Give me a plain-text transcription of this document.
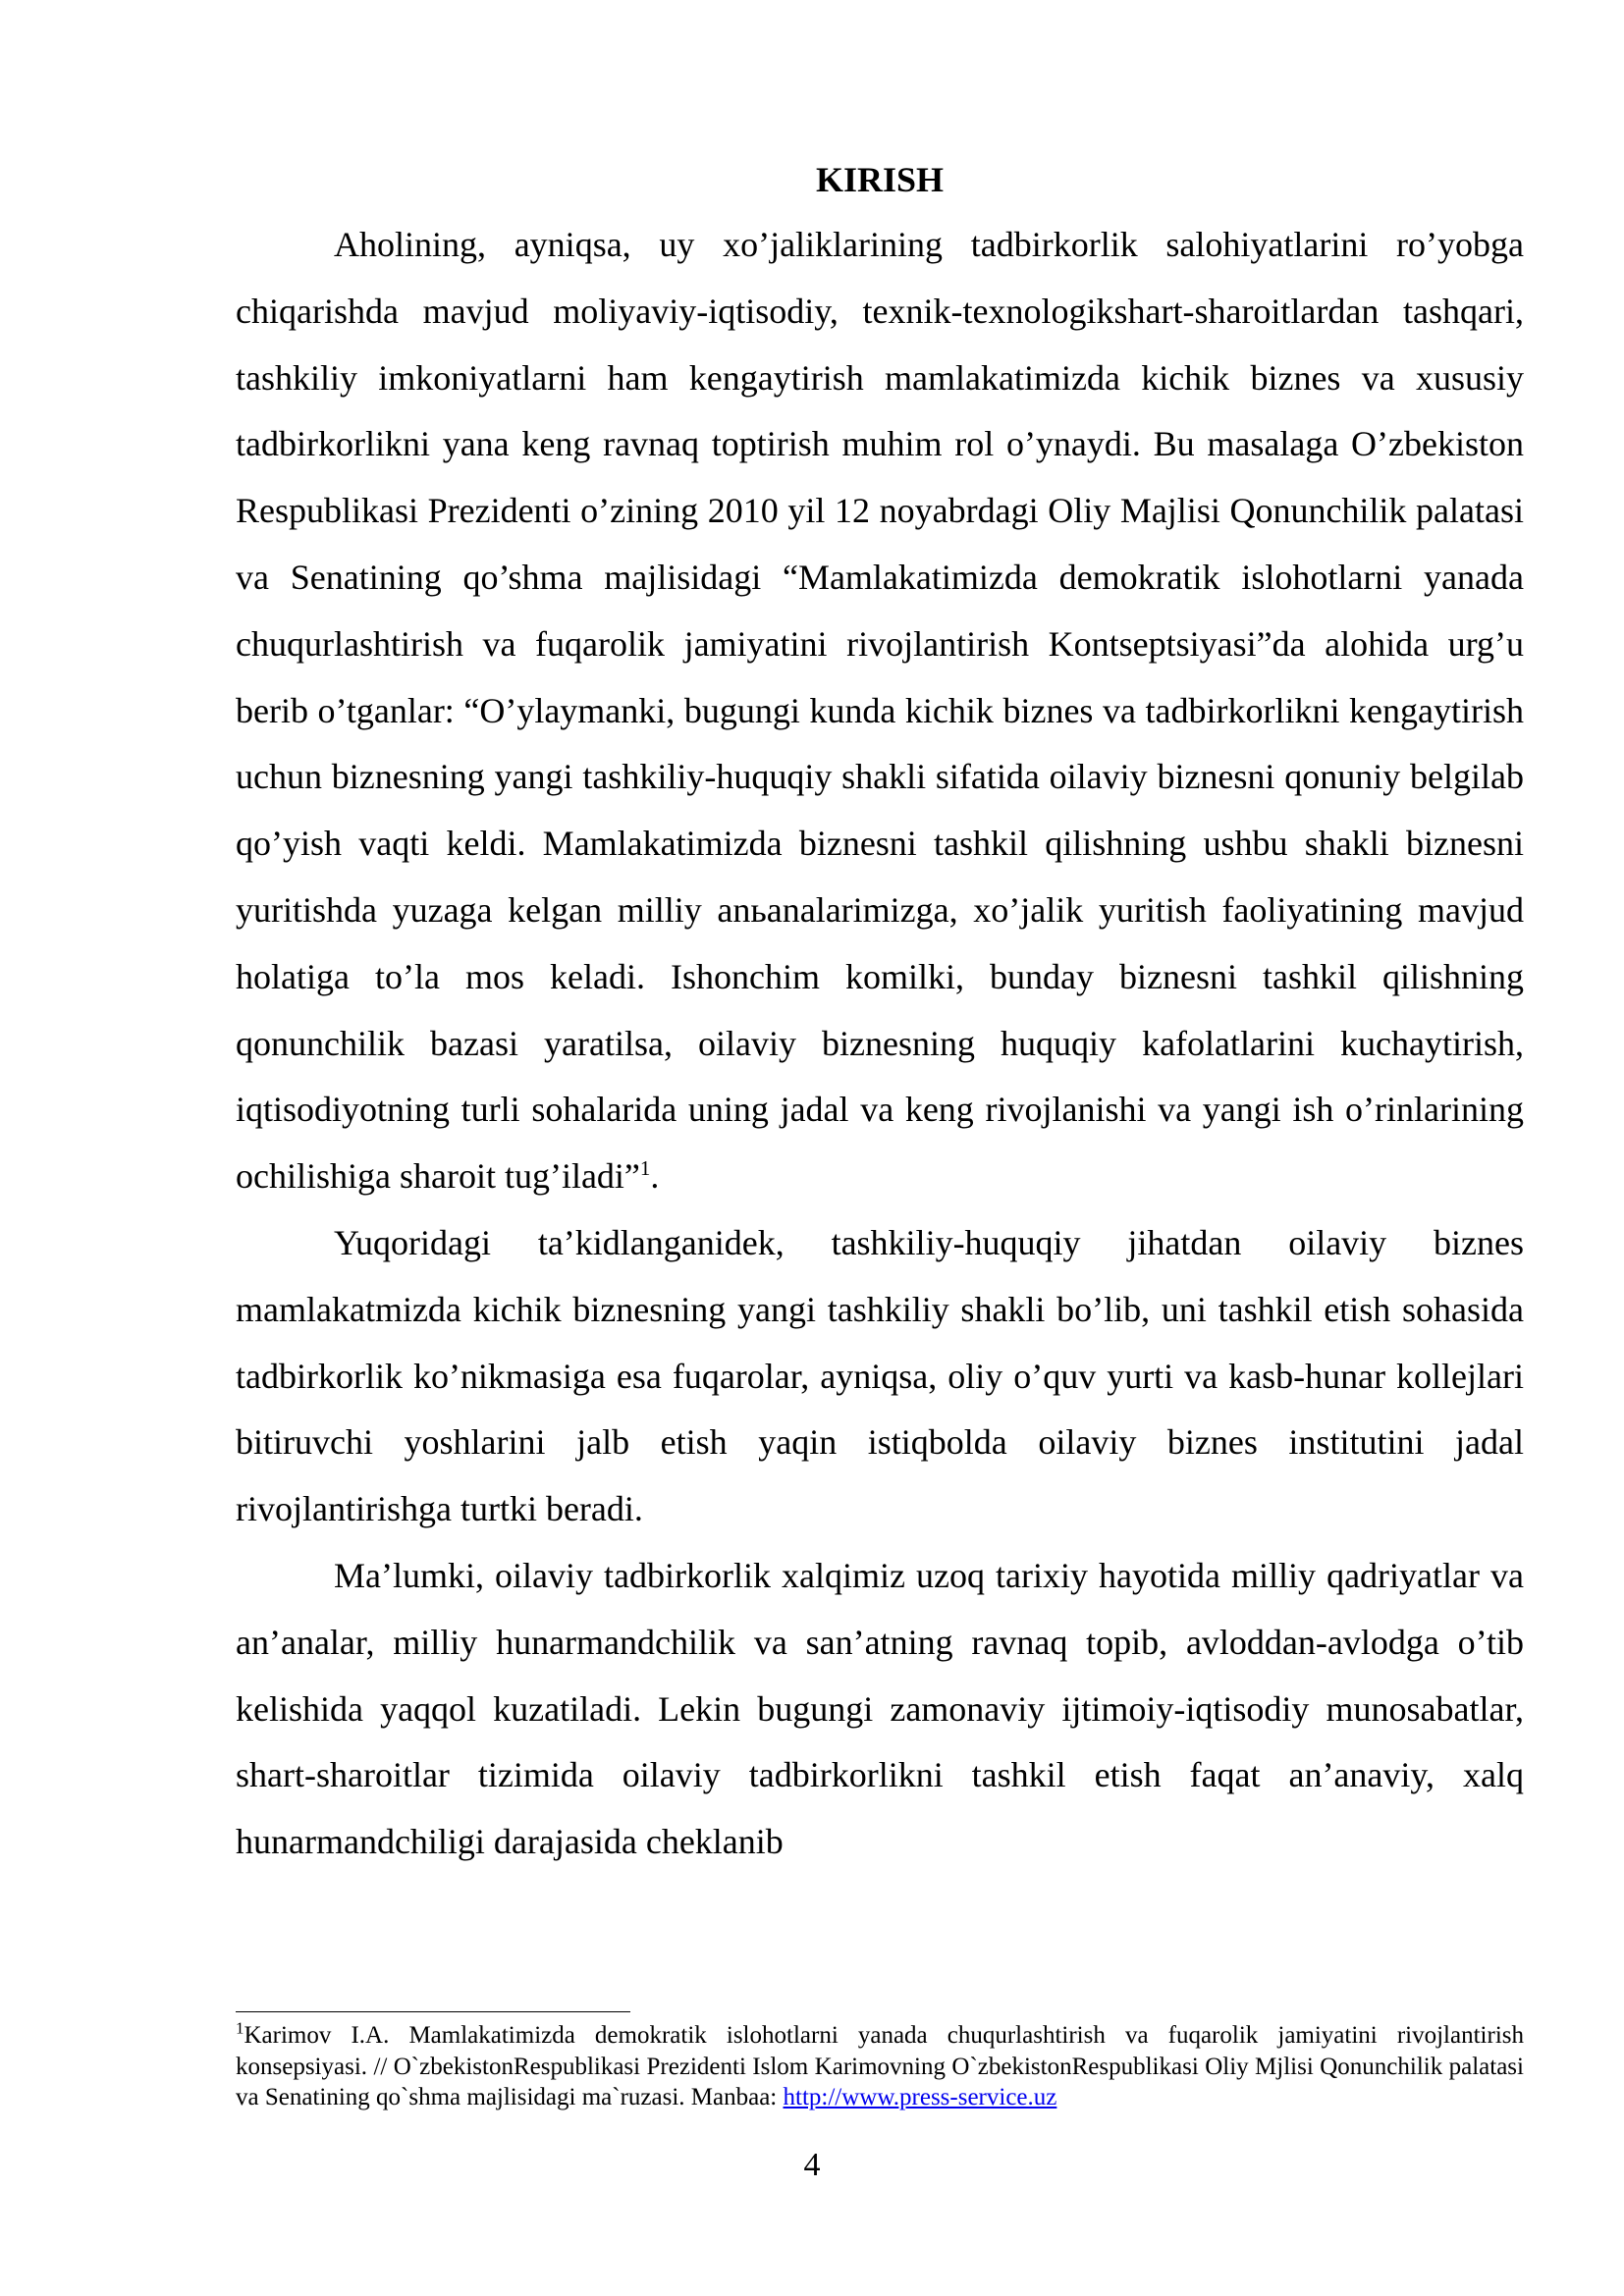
KIRISH

Aholining, ayniqsa, uy xo’jaliklarining tadbirkorlik salohiyatlarini ro’yobga chiqarishda mavjud moliyaviy-iqtisodiy, texnik-texnologikshart-sharoitlardan tashqari, tashkiliy imkoniyatlarni ham kengaytirish mamlakatimizda kichik biznes va xususiy tadbirkorlikni yana keng ravnaq toptirish muhim rol o’ynaydi. Bu masalaga O’zbekiston Respublikasi Prezidenti o’zining 2010 yil 12 noyabrdagi Oliy Majlisi Qonunchilik palatasi va Senatining qo’shma majlisidagi “Mamlakatimizda demokratik islohotlarni yanada chuqurlashtirish va fuqarolik jamiyatini rivojlantirish Kontseptsiyasi”da alohida urg’u berib o’tganlar: “O’ylaymanki, bugungi kunda kichik biznes va tadbirkorlikni kengaytirish uchun biznesning yangi tashkiliy-huquqiy shakli sifatida oilaviy biznesni qonuniy belgilab qo’yish vaqti keldi. Mamlakatimizda biznesni tashkil qilishning ushbu shakli biznesni yuritishda yuzaga kelgan milliy anьanalarimizga, xo’jalik yuritish faoliyatining mavjud holatiga to’la mos keladi. Ishonchim komilki, bunday biznesni tashkil qilishning qonunchilik bazasi yaratilsa, oilaviy biznesning huquqiy kafolatlarini kuchaytirish, iqtisodiyotning turli sohalarida uning jadal va keng rivojlanishi va yangi ish o’rinlarining ochilishiga sharoit tug’iladi”$^1$.

Yuqoridagi ta’kidlanganidek, tashkiliy-huquqiy jihatdan oilaviy biznes mamlakatmizda kichik biznesning yangi tashkiliy shakli bo’lib, uni tashkil etish sohasida tadbirkorlik ko’nikmasiga esa fuqarolar, ayniqsa, oliy o’quv yurti va kasb-hunar kollejlari bitiruvchi yoshlarini jalb etish yaqin istiqbolda oilaviy biznes institutini jadal rivojlantirishga turtki beradi.

Ma’lumki, oilaviy tadbirkorlik xalqimiz uzoq tarixiy hayotida milliy qadriyatlar va an’analar, milliy hunarmandchilik va san’atning ravnaq topib, avloddan-avlodga o’tib kelishida yaqqol kuzatiladi. Lekin bugungi zamonaviy ijtimoiy-iqtisodiy munosabatlar, shart-sharoitlar tizimida oilaviy tadbirkorlikni tashkil etish faqat an’anaviy, xalq hunarmandchiligi darajasida cheklanib

$^1$Karimov I.A. Mamlakatimizda demokratik islohotlarni yanada chuqurlashtirish va fuqarolik jamiyatini rivojlantirish konsepsiyasi. // O`zbekistonRespublikasi Prezidenti Islom Karimovning O`zbekistonRespublikasi Oliy Mjlisi Qonunchilik palatasi va Senatining qo`shma majlisidagi ma`ruzasi. Manbaa: http://www.press-service.uz

4
